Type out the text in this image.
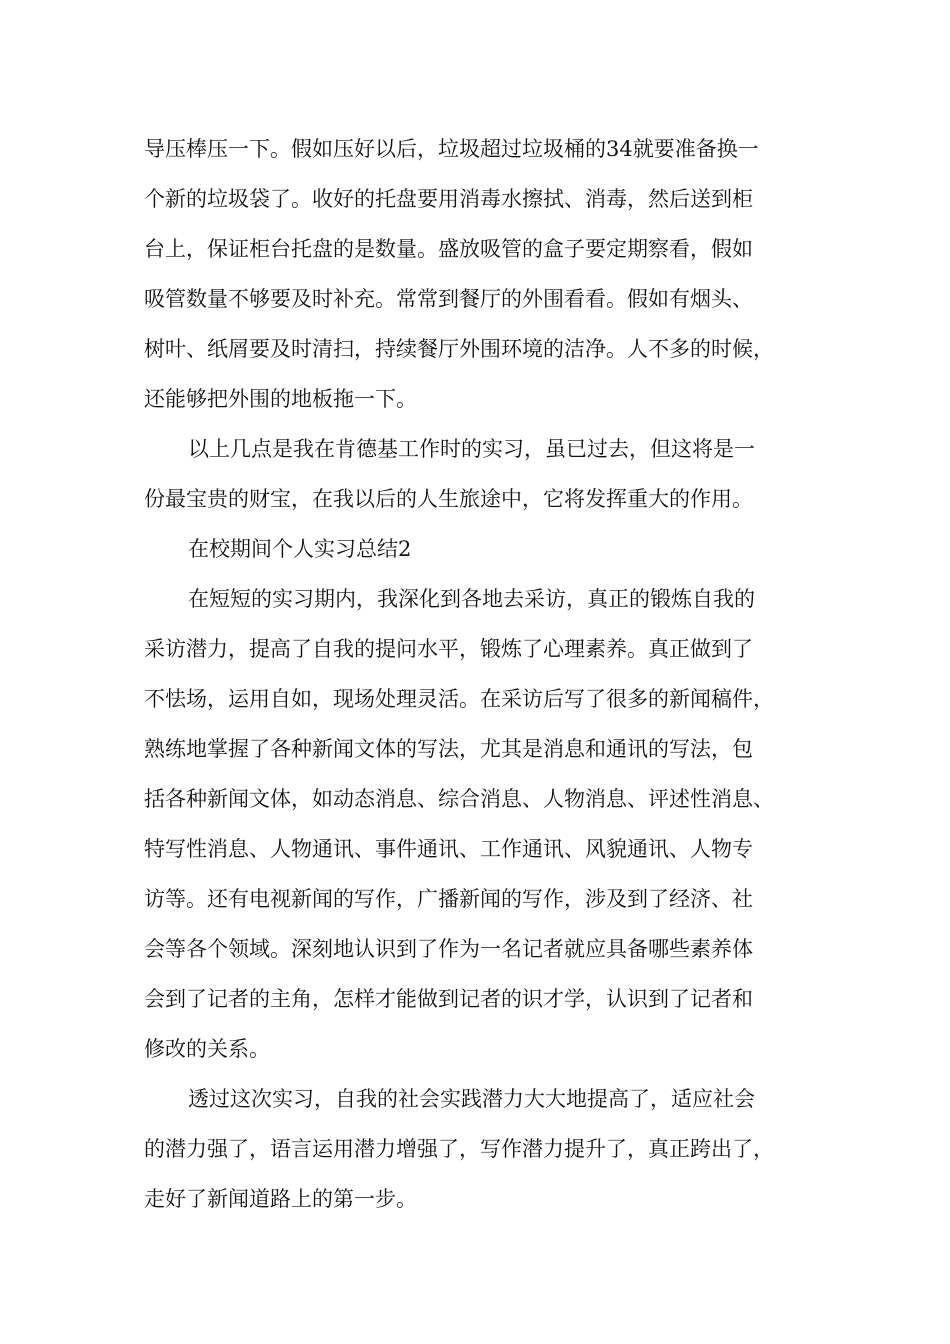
导压棒压一下。假如压好以后，垃圾超过垃圾桶的34就要准备换一
个新的垃圾袋了。收好的托盘要用消毒水擦拭、消毒，然后送到柜
台上，保证柜台托盘的是数量。盛放吸管的盒子要定期察看，假如
吸管数量不够要及时补充。常常到餐厅的外围看看。假如有烟头、
树叶、纸屑要及时清扫，持续餐厅外围环境的洁净。人不多的时候，
还能够把外围的地板拖一下。
以上几点是我在肯德基工作时的实习，虽已过去，但这将是一
份最宝贵的财宝，在我以后的人生旅途中，它将发挥重大的作用。
在校期间个人实习总结2
在短短的实习期内，我深化到各地去采访，真正的锻炼自我的
采访潜力，提高了自我的提问水平，锻炼了心理素养。真正做到了
不怯场，运用自如，现场处理灵活。在采访后写了很多的新闻稿件，
熟练地掌握了各种新闻文体的写法，尤其是消息和通讯的写法，包
括各种新闻文体，如动态消息、综合消息、人物消息、评述性消息、
特写性消息、人物通讯、事件通讯、工作通讯、风貌通讯、人物专
访等。还有电视新闻的写作，广播新闻的写作，涉及到了经济、社
会等各个领域。深刻地认识到了作为一名记者就应具备哪些素养体
会到了记者的主角，怎样才能做到记者的识才学，认识到了记者和
修改的关系。
透过这次实习，自我的社会实践潜力大大地提高了，适应社会
的潜力强了，语言运用潜力增强了，写作潜力提升了，真正跨出了，
走好了新闻道路上的第一步。
